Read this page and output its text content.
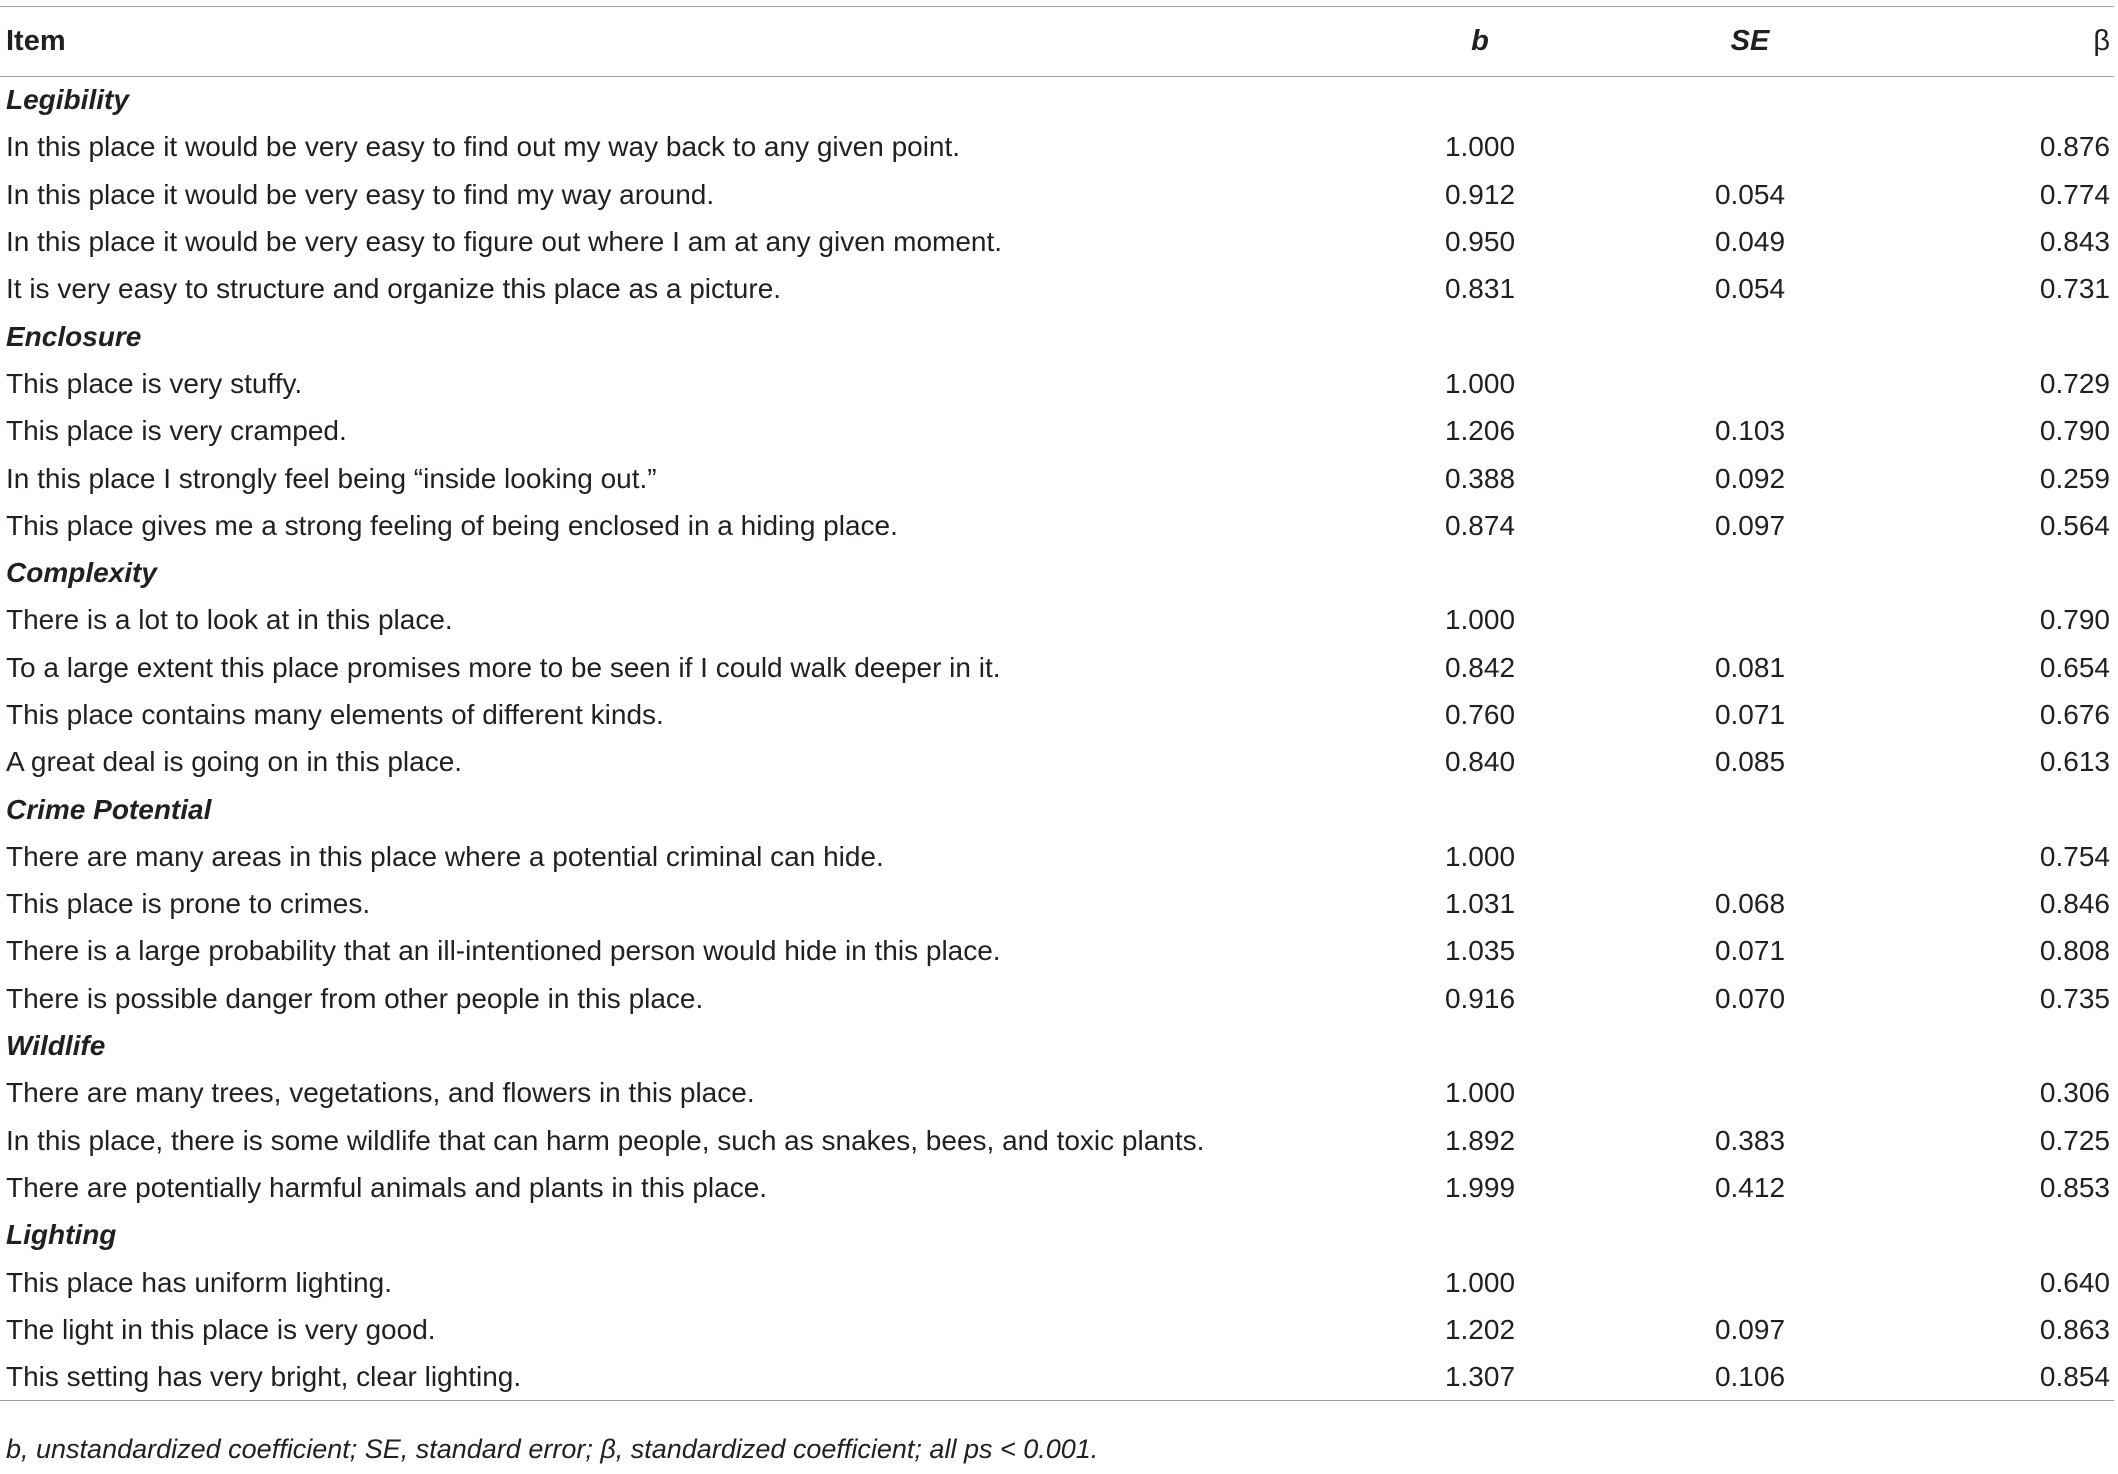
Item	b	SE	β
Legibility			
In this place it would be very easy to find out my way back to any given point.	1.000		0.876
In this place it would be very easy to find my way around.	0.912	0.054	0.774
In this place it would be very easy to figure out where I am at any given moment.	0.950	0.049	0.843
It is very easy to structure and organize this place as a picture.	0.831	0.054	0.731
Enclosure			
This place is very stuffy.	1.000		0.729
This place is very cramped.	1.206	0.103	0.790
In this place I strongly feel being “inside looking out.”	0.388	0.092	0.259
This place gives me a strong feeling of being enclosed in a hiding place.	0.874	0.097	0.564
Complexity			
There is a lot to look at in this place.	1.000		0.790
To a large extent this place promises more to be seen if I could walk deeper in it.	0.842	0.081	0.654
This place contains many elements of different kinds.	0.760	0.071	0.676
A great deal is going on in this place.	0.840	0.085	0.613
Crime Potential			
There are many areas in this place where a potential criminal can hide.	1.000		0.754
This place is prone to crimes.	1.031	0.068	0.846
There is a large probability that an ill-intentioned person would hide in this place.	1.035	0.071	0.808
There is possible danger from other people in this place.	0.916	0.070	0.735
Wildlife			
There are many trees, vegetations, and flowers in this place.	1.000		0.306
In this place, there is some wildlife that can harm people, such as snakes, bees, and toxic plants.	1.892	0.383	0.725
There are potentially harmful animals and plants in this place.	1.999	0.412	0.853
Lighting			
This place has uniform lighting.	1.000		0.640
The light in this place is very good.	1.202	0.097	0.863
This setting has very bright, clear lighting.	1.307	0.106	0.854

b, unstandardized coefficient; SE, standard error; β, standardized coefficient; all ps < 0.001.
